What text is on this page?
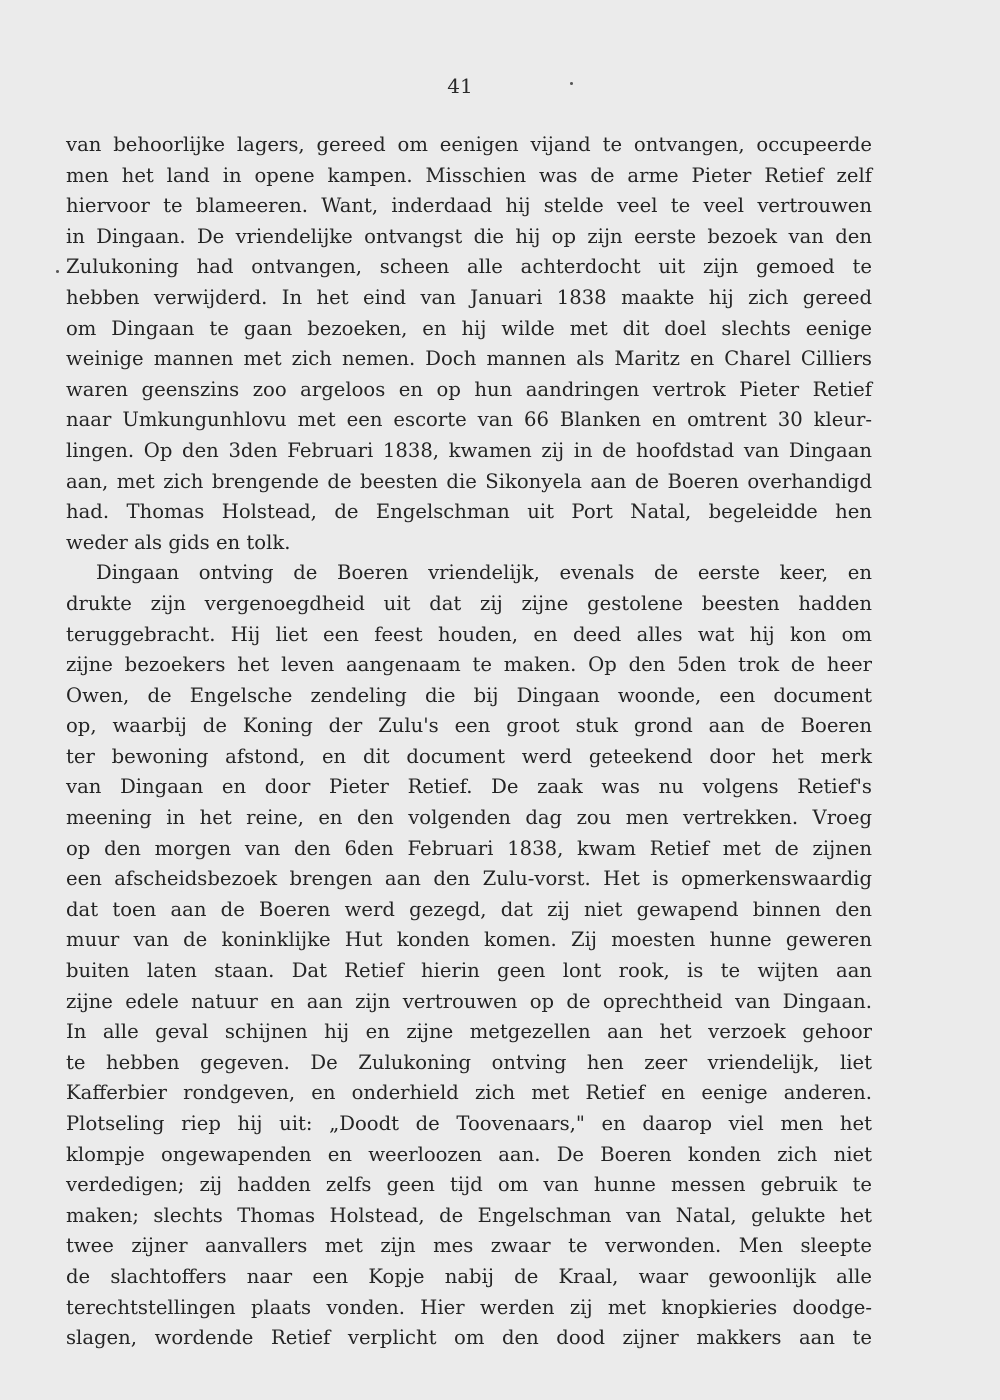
41
van behoorlijke lagers, gereed om eenigen vijand te ontvangen, occupeerde
men het land in opene kampen. Misschien was de arme Pieter Retief zelf
hiervoor te blameeren. Want, inderdaad hij stelde veel te veel vertrouwen
in Dingaan. De vriendelijke ontvangst die hij op zijn eerste bezoek van den
Zulukoning had ontvangen, scheen alle achterdocht uit zijn gemoed te
hebben verwijderd. In het eind van Januari 1838 maakte hij zich gereed
om Dingaan te gaan bezoeken, en hij wilde met dit doel slechts eenige
weinige mannen met zich nemen. Doch mannen als Maritz en Charel Cilliers
waren geenszins zoo argeloos en op hun aandringen vertrok Pieter Retief
naar Umkungunhlovu met een escorte van 66 Blanken en omtrent 30 kleur-
lingen. Op den 3den Februari 1838, kwamen zij in de hoofdstad van Dingaan
aan, met zich brengende de beesten die Sikonyela aan de Boeren overhandigd
had. Thomas Holstead, de Engelschman uit Port Natal, begeleidde hen
weder als gids en tolk.
Dingaan ontving de Boeren vriendelijk, evenals de eerste keer, en
drukte zijn vergenoegdheid uit dat zij zijne gestolene beesten hadden
teruggebracht. Hij liet een feest houden, en deed alles wat hij kon om
zijne bezoekers het leven aangenaam te maken. Op den 5den trok de heer
Owen, de Engelsche zendeling die bij Dingaan woonde, een document
op, waarbij de Koning der Zulu's een groot stuk grond aan de Boeren
ter bewoning afstond, en dit document werd geteekend door het merk
van Dingaan en door Pieter Retief. De zaak was nu volgens Retief's
meening in het reine, en den volgenden dag zou men vertrekken. Vroeg
op den morgen van den 6den Februari 1838, kwam Retief met de zijnen
een afscheidsbezoek brengen aan den Zulu-vorst. Het is opmerkenswaardig
dat toen aan de Boeren werd gezegd, dat zij niet gewapend binnen den
muur van de koninklijke Hut konden komen. Zij moesten hunne geweren
buiten laten staan. Dat Retief hierin geen lont rook, is te wijten aan
zijne edele natuur en aan zijn vertrouwen op de oprechtheid van Dingaan.
In alle geval schijnen hij en zijne metgezellen aan het verzoek gehoor
te hebben gegeven. De Zulukoning ontving hen zeer vriendelijk, liet
Kafferbier rondgeven, en onderhield zich met Retief en eenige anderen.
Plotseling riep hij uit: „Doodt de Toovenaars," en daarop viel men het
klompje ongewapenden en weerloozen aan. De Boeren konden zich niet
verdedigen; zij hadden zelfs geen tijd om van hunne messen gebruik te
maken; slechts Thomas Holstead, de Engelschman van Natal, gelukte het
twee zijner aanvallers met zijn mes zwaar te verwonden. Men sleepte
de slachtoffers naar een Kopje nabij de Kraal, waar gewoonlijk alle
terechtstellingen plaats vonden. Hier werden zij met knopkieries doodge-
slagen, wordende Retief verplicht om den dood zijner makkers aan te
